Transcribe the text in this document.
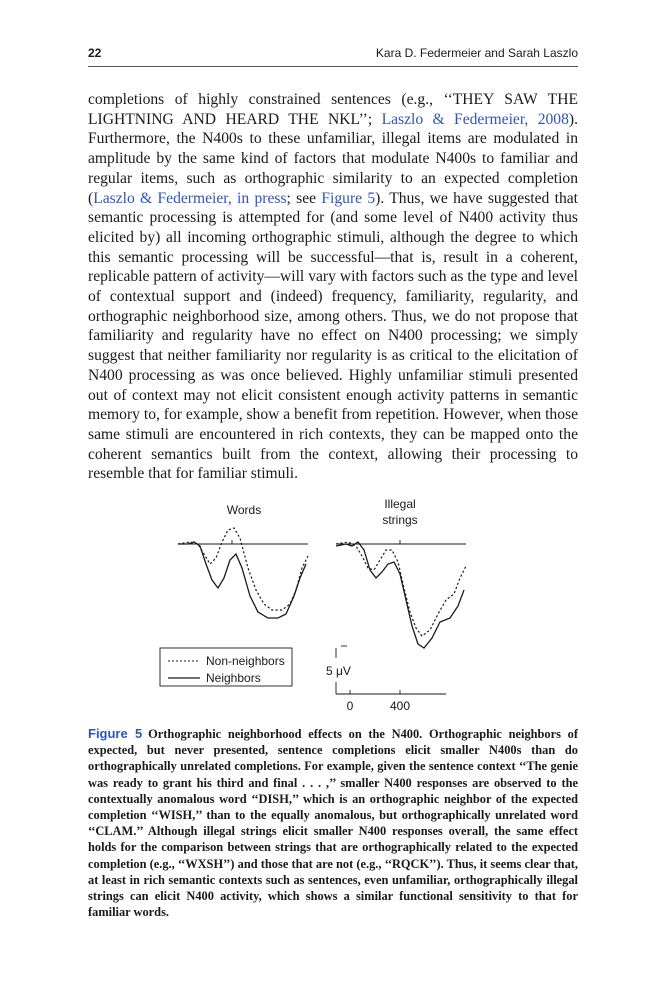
22	Kara D. Federmeier and Sarah Laszlo

completions of highly constrained sentences (e.g., ‘‘THEY SAW THE LIGHTNING AND HEARD THE NKL’’; Laszlo & Federmeier, 2008). Furthermore, the N400s to these unfamiliar, illegal items are modulated in amplitude by the same kind of factors that modulate N400s to familiar and regular items, such as orthographic similarity to an expected completion (Laszlo & Federmeier, in press; see Figure 5). Thus, we have suggested that semantic processing is attempted for (and some level of N400 activity thus elicited by) all incoming orthographic stimuli, although the degree to which this semantic processing will be successful—that is, result in a coherent, replicable pattern of activity—will vary with factors such as the type and level of contextual support and (indeed) frequency, familiarity, regularity, and orthographic neighborhood size, among others. Thus, we do not propose that familiarity and regularity have no effect on N400 processing; we simply suggest that neither familiarity nor regularity is as critical to the elicitation of N400 processing as was once believed. Highly unfamiliar stimuli presented out of context may not elicit consistent enough activity patterns in semantic memory to, for example, show a benefit from repetition. However, when those same stimuli are encountered in rich contexts, they can be mapped onto the coherent semantics built from the context, allowing their processing to resemble that for familiar stimuli.

Words	Illegal
strings
Non-neighbors
Neighbors	5 μV
0	400

Figure 5 Orthographic neighborhood effects on the N400. Orthographic neighbors of expected, but never presented, sentence completions elicit smaller N400s than do orthographically unrelated completions. For example, given the sentence context ‘‘The genie was ready to grant his third and final . . . ,’’ smaller N400 responses are observed to the contextually anomalous word ‘‘DISH,’’ which is an orthographic neighbor of the expected completion ‘‘WISH,’’ than to the equally anomalous, but orthographically unrelated word ‘‘CLAM.’’ Although illegal strings elicit smaller N400 responses overall, the same effect holds for the comparison between strings that are orthographically related to the expected completion (e.g., ‘‘WXSH’’) and those that are not (e.g., ‘‘RQCK’’). Thus, it seems clear that, at least in rich semantic contexts such as sentences, even unfamiliar, orthographically illegal strings can elicit N400 activity, which shows a similar functional sensitivity to that for familiar words.
